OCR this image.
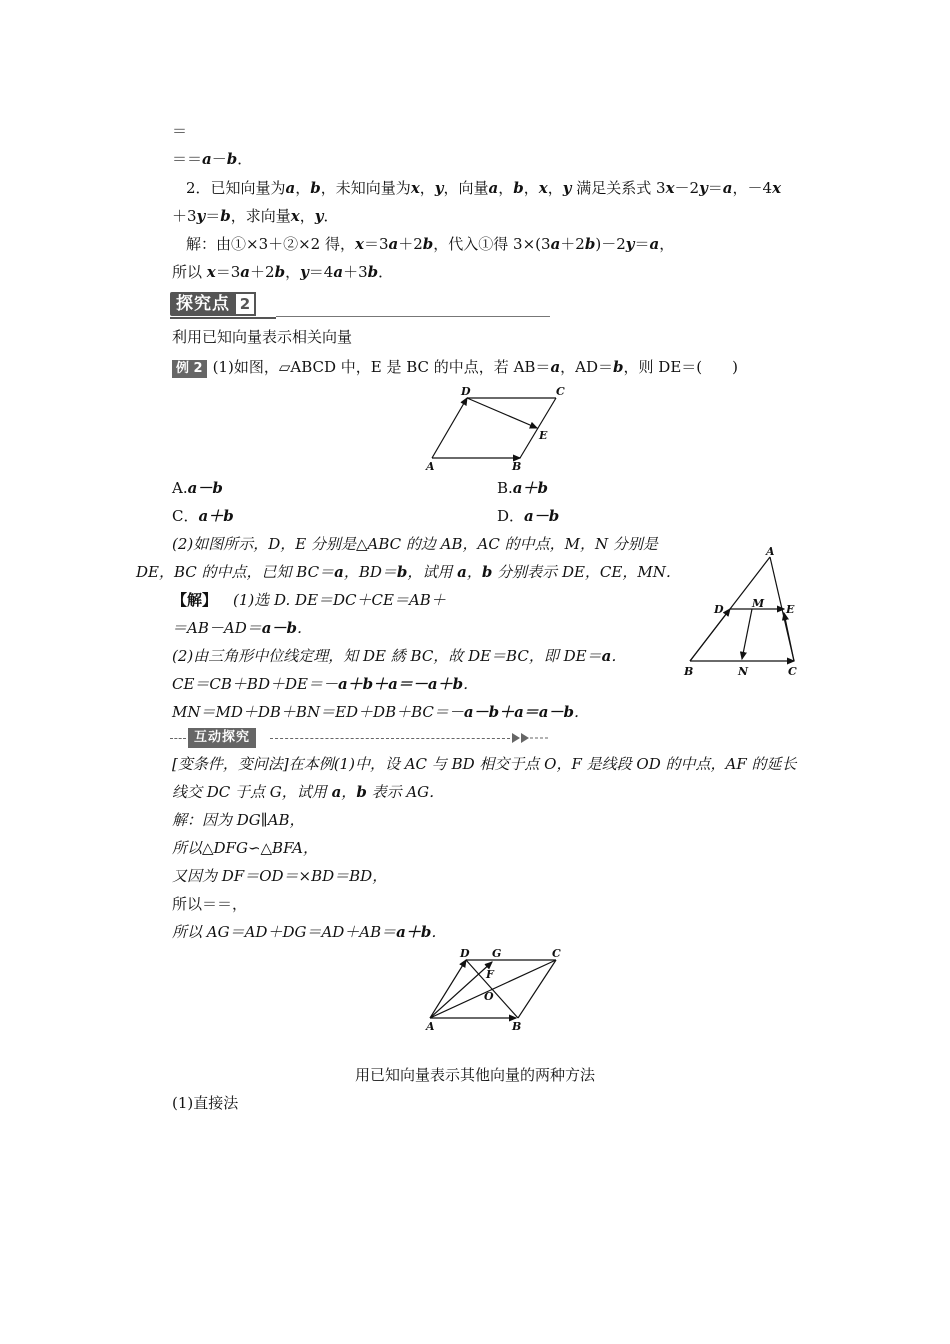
＝
＝＝a－b．
2．已知向量为a，b，未知向量为x，y，向量a，b，x，y 满足关系式 3x－2y＝a，－4x
＋3y＝b，求向量x，y．
解：由①×3＋②×2 得，x＝3a＋2b，代入①得 3×(3a＋2b)－2y＝a，
所以 x＝3a＋2b，y＝4a＋3b．
探究点 2
利用已知向量表示相关向量
例 2 (1)如图，▱ABCD 中，E 是 BC 的中点，若 AB＝a，AD＝b，则 DE＝(　　)
A	B
C
D
E
A.a－b	B.a＋b
C．a＋b	D．a－b
(2)如图所示，D，E 分别是△ABC 的边 AB，AC 的中点，M，N 分别是
DE，BC 的中点，已知 BC＝a，BD＝b，试用 a，b 分别表示 DE，CE，MN．
A
B	C
D	E
M
N
【解】 (1)选 D. DE＝DC＋CE＝AB＋
＝AB－AD＝a－b．
(2)由三角形中位线定理，知 DE 綉 BC，故 DE＝BC，即 DE＝a．
CE＝CB＋BD＋DE＝－a＋b＋a＝－a＋b．
MN＝MD＋DB＋BN＝ED＋DB＋BC＝－a－b＋a＝a－b．
互动探究
[变条件，变问法]在本例(1)中，设 AC 与 BD 相交于点 O，F 是线段 OD 的中点，AF 的延长
线交 DC 于点 G，试用 a，b 表示 AG．
解：因为 DG∥AB，
所以△DFG∽△BFA，
又因为 DF＝OD＝×BD＝BD，
所以＝＝，
所以 AG＝AD＋DG＝AD＋AB＝a＋b．
A	B
C
D G
F
O
用已知向量表示其他向量的两种方法
(1)直接法
